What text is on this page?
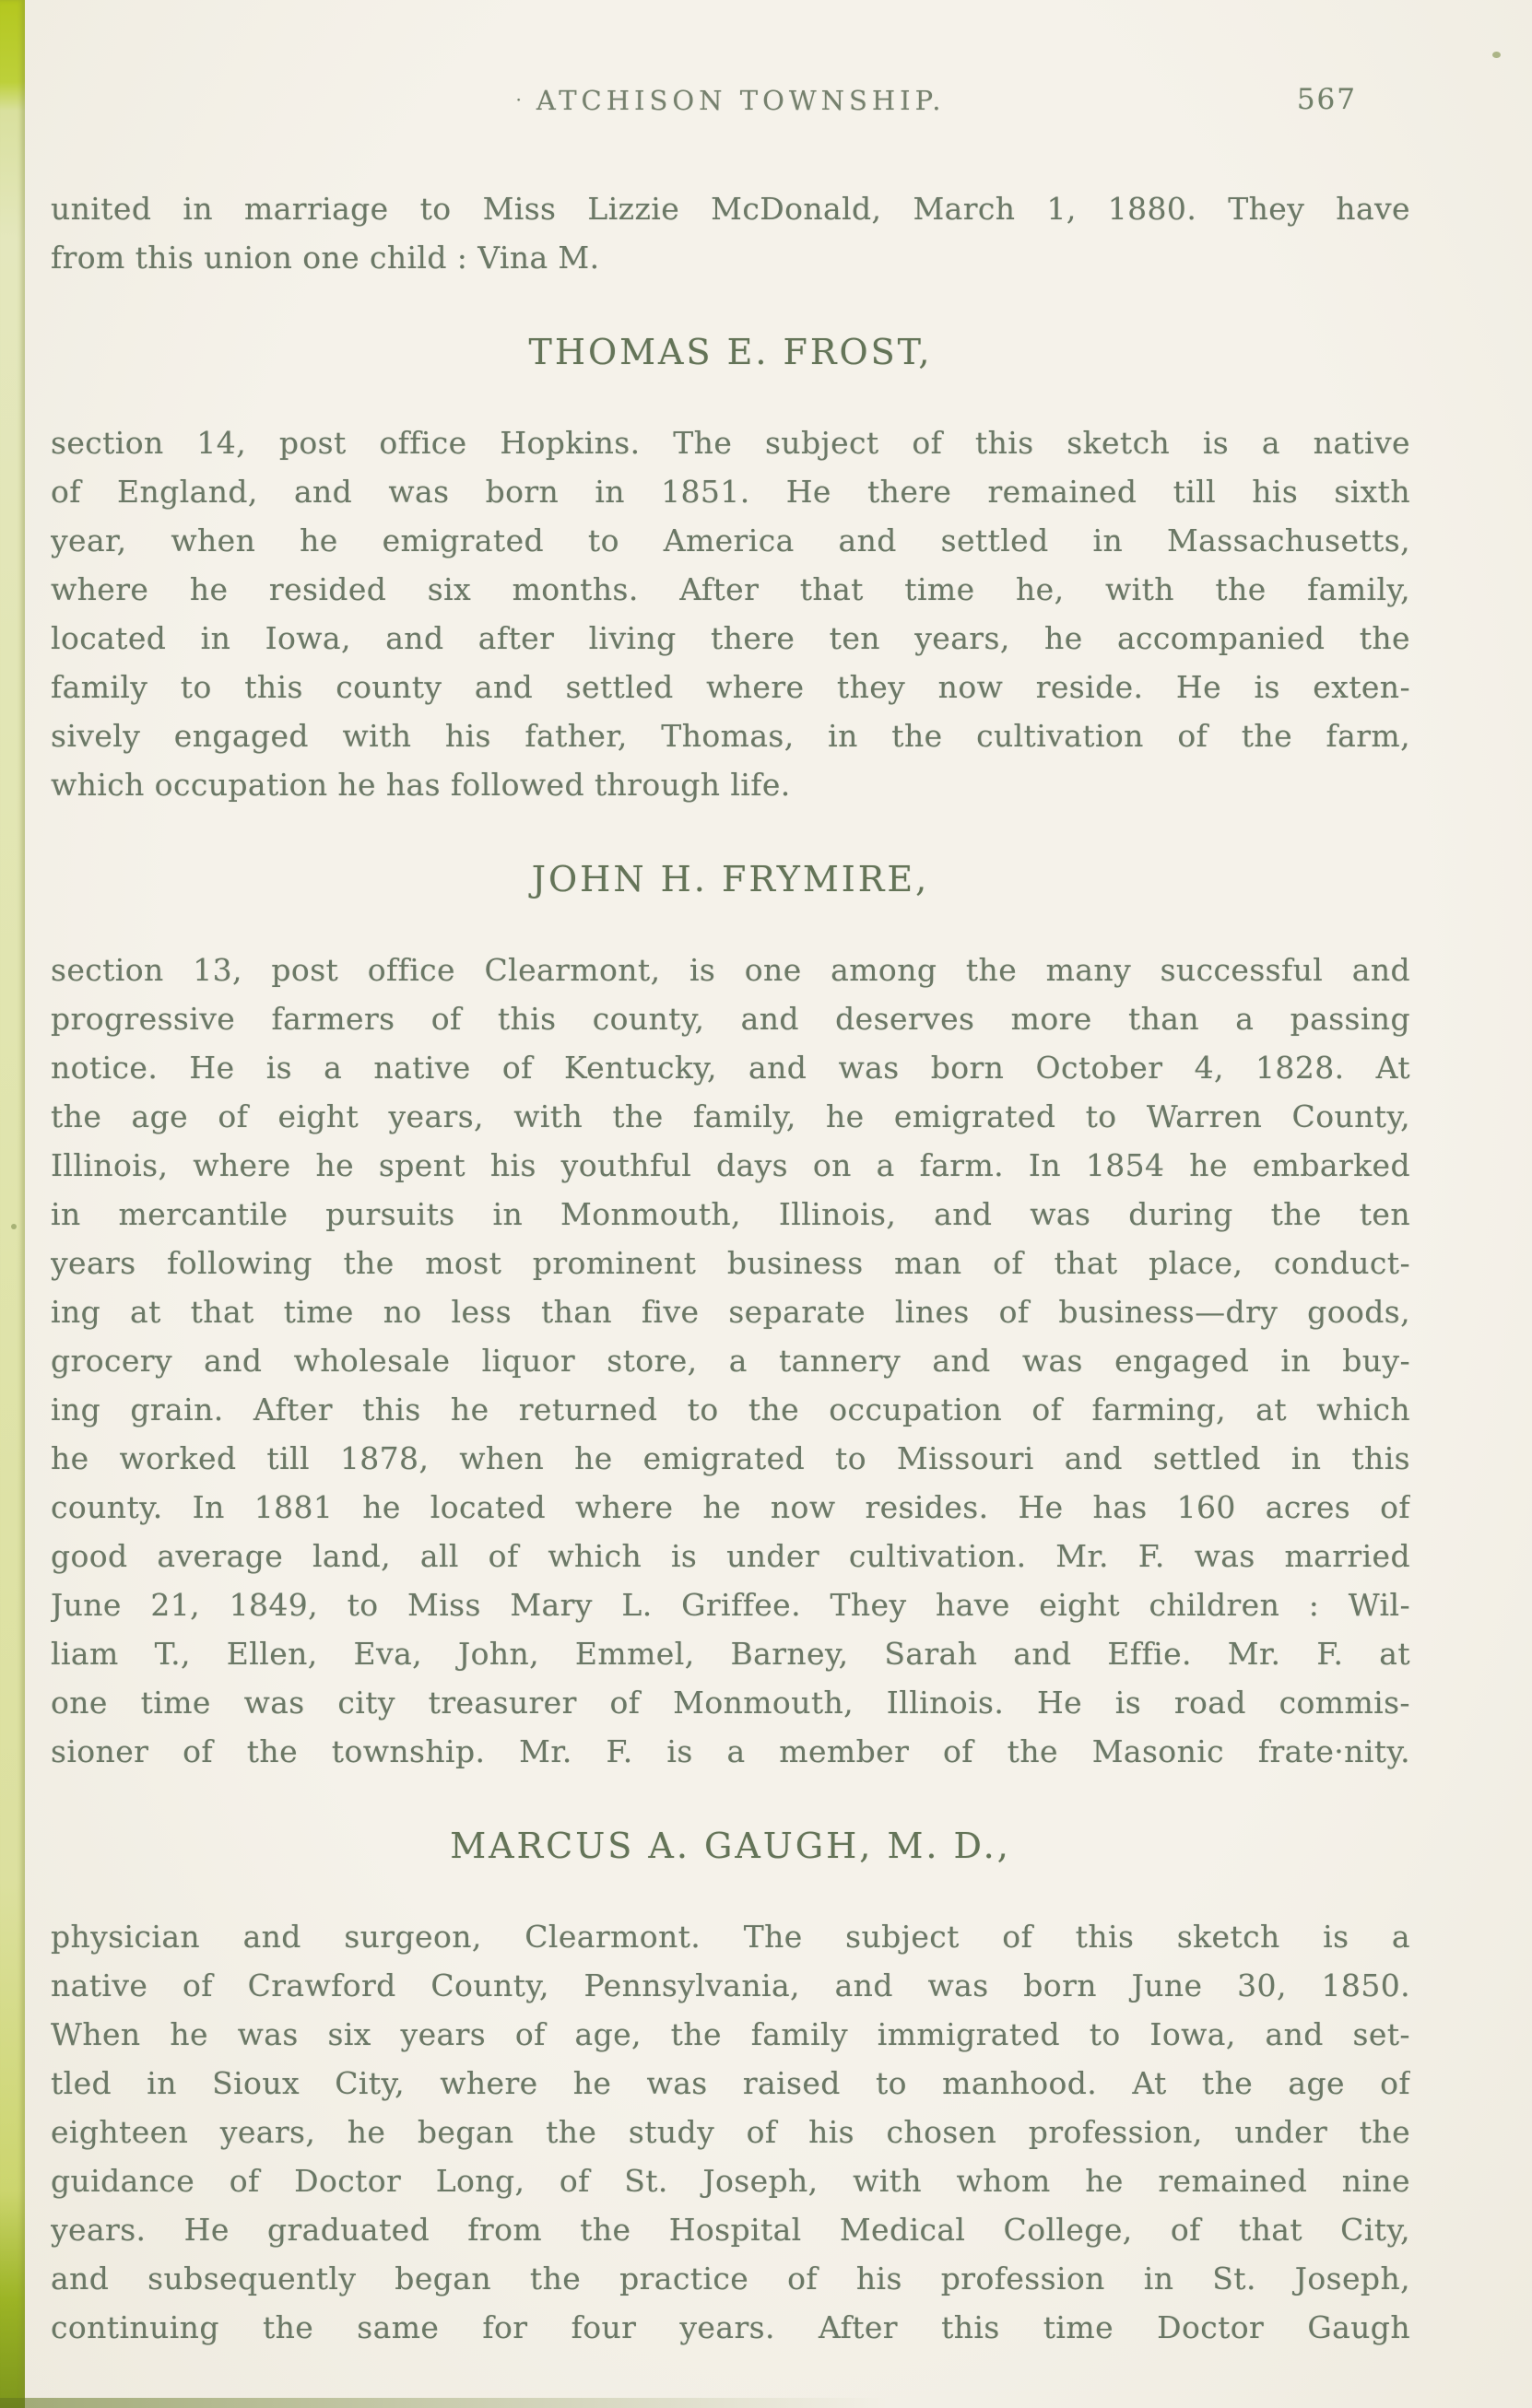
· ATCHISON TOWNSHIP.	567
united in marriage to Miss Lizzie McDonald, March 1, 1880. They have
from this union one child : Vina M.
THOMAS E. FROST,
section 14, post office Hopkins. The subject of this sketch is a native
of England, and was born in 1851. He there remained till his sixth
year, when he emigrated to America and settled in Massachusetts,
where he resided six months. After that time he, with the family,
located in Iowa, and after living there ten years, he accompanied the
family to this county and settled where they now reside. He is exten-
sively engaged with his father, Thomas, in the cultivation of the farm,
which occupation he has followed through life.
JOHN H. FRYMIRE,
section 13, post office Clearmont, is one among the many successful and
progressive farmers of this county, and deserves more than a passing
notice. He is a native of Kentucky, and was born October 4, 1828. At
the age of eight years, with the family, he emigrated to Warren County,
Illinois, where he spent his youthful days on a farm. In 1854 he embarked
in mercantile pursuits in Monmouth, Illinois, and was during the ten
years following the most prominent business man of that place, conduct-
ing at that time no less than five separate lines of business—dry goods,
grocery and wholesale liquor store, a tannery and was engaged in buy-
ing grain. After this he returned to the occupation of farming, at which
he worked till 1878, when he emigrated to Missouri and settled in this
county. In 1881 he located where he now resides. He has 160 acres of
good average land, all of which is under cultivation. Mr. F. was married
June 21, 1849, to Miss Mary L. Griffee. They have eight children : Wil-
liam T., Ellen, Eva, John, Emmel, Barney, Sarah and Effie. Mr. F. at
one time was city treasurer of Monmouth, Illinois. He is road commis-
sioner of the township. Mr. F. is a member of the Masonic frate·nity.
MARCUS A. GAUGH, M. D.,
physician and surgeon, Clearmont. The subject of this sketch is a
native of Crawford County, Pennsylvania, and was born June 30, 1850.
When he was six years of age, the family immigrated to Iowa, and set-
tled in Sioux City, where he was raised to manhood. At the age of
eighteen years, he began the study of his chosen profession, under the
guidance of Doctor Long, of St. Joseph, with whom he remained nine
years. He graduated from the Hospital Medical College, of that City,
and subsequently began the practice of his profession in St. Joseph,
continuing the same for four years. After this time Doctor Gaugh
